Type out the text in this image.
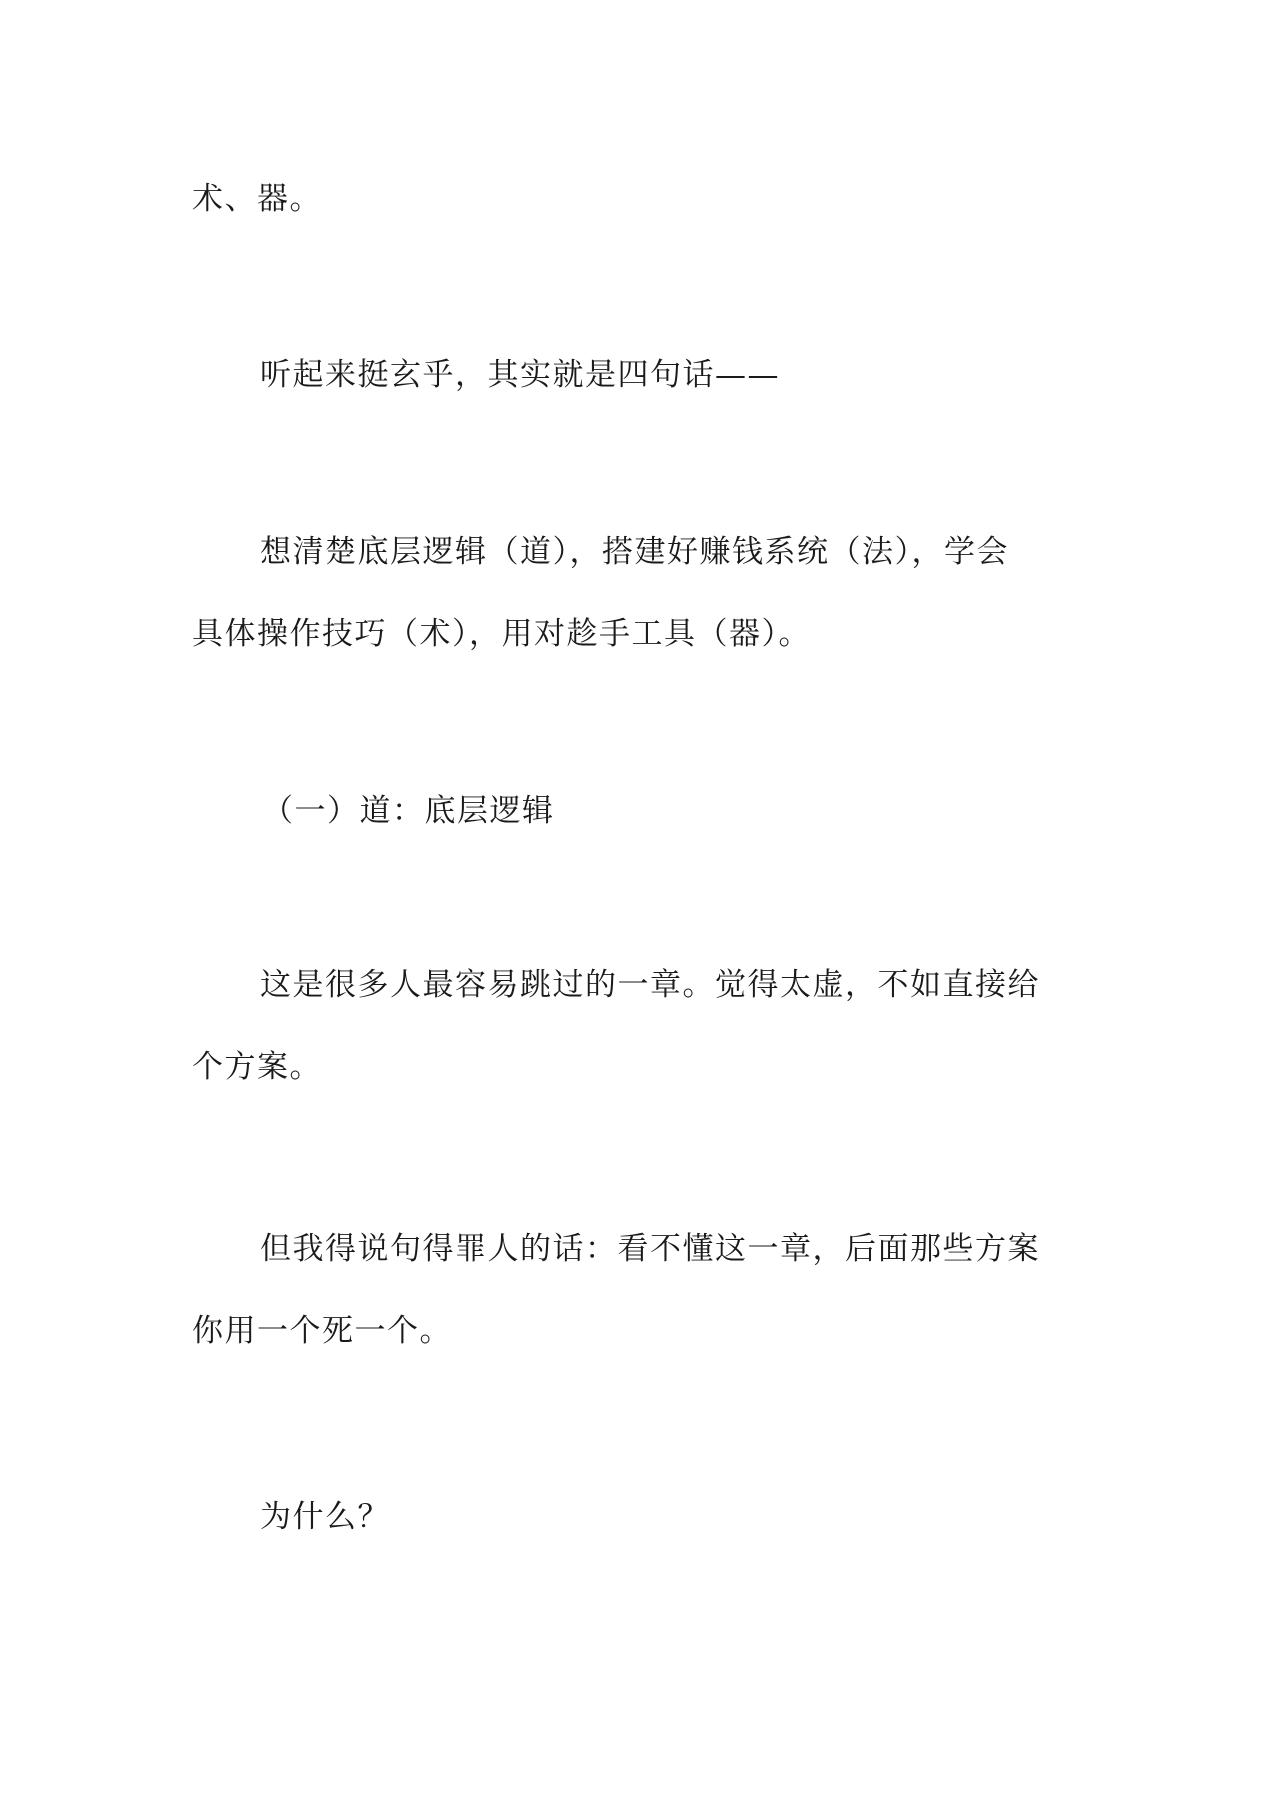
术、器。

听起来挺玄乎，其实就是四句话——

想清楚底层逻辑（道），搭建好赚钱系统（法），学会
具体操作技巧（术），用对趁手工具（器）。

（一）道：底层逻辑

这是很多人最容易跳过的一章。觉得太虚，不如直接给
个方案。

但我得说句得罪人的话：看不懂这一章，后面那些方案
你用一个死一个。

为什么？
